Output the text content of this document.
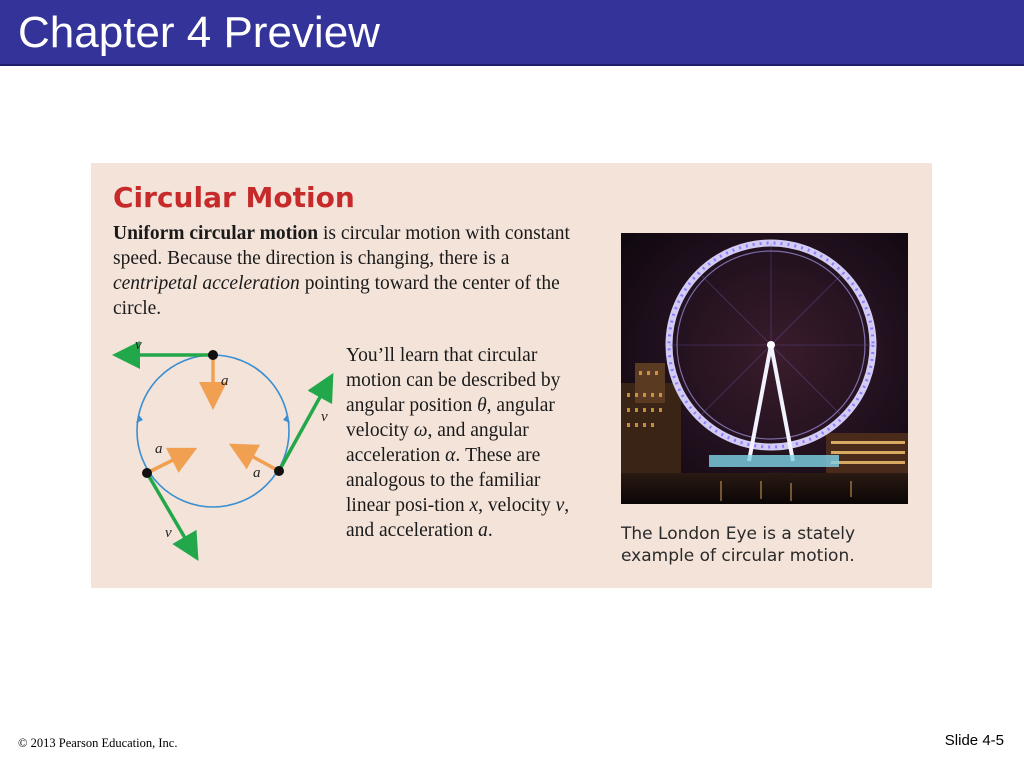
Chapter 4 Preview
Circular Motion
Uniform circular motion is circular motion with constant speed. Because the direction is changing, there is a centripetal acceleration pointing toward the center of the circle.
v
a
v
a
v
a
You’ll learn that circular motion can be described by angular position θ, angular velocity ω, and angular acceleration α. These are analogous to the familiar linear posi-tion x, velocity v, and acceleration a.	The London Eye is a stately example of circular motion.
© 2013 Pearson Education, Inc.	Slide 4-5
